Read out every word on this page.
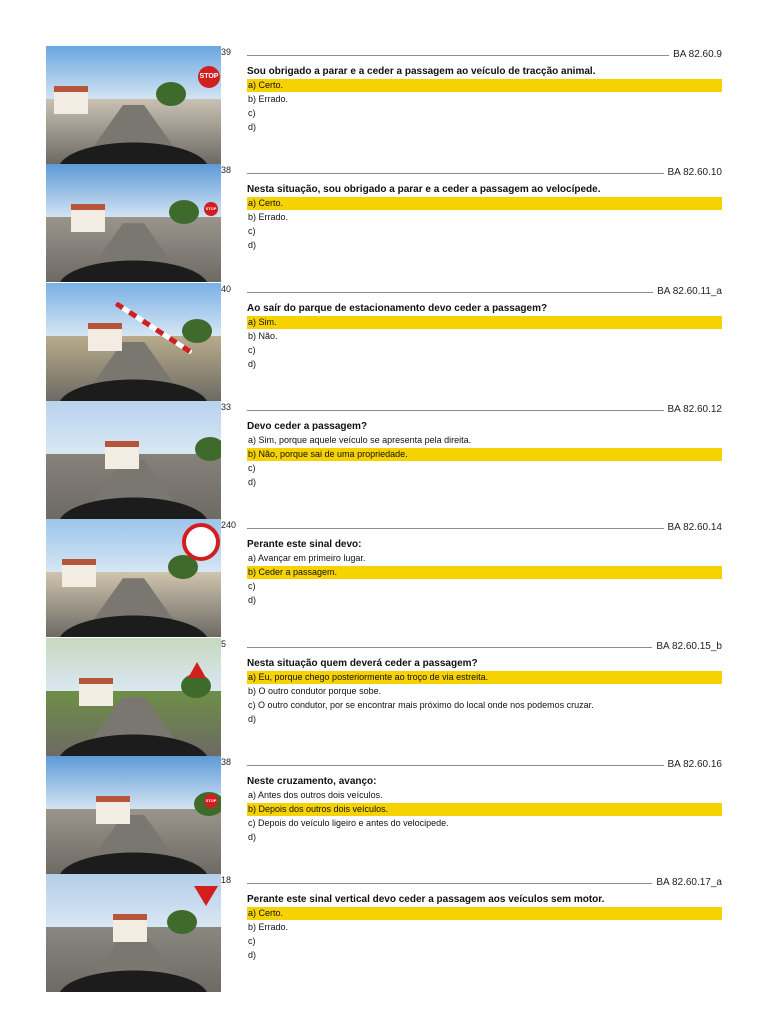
STOP
39	BA 82.60.9
Sou obrigado a parar e a ceder a passagem ao veículo de tracção animal.
a) Certo.
b) Errado.
c)
d)
STOP
38	BA 82.60.10
Nesta situação, sou obrigado a parar e a ceder a passagem ao velocípede.
a) Certo.
b) Errado.
c)
d)
40	BA 82.60.11_a
Ao saír do parque de estacionamento devo ceder a passagem?
a) Sim.
b) Não.
c)
d)
33	BA 82.60.12
Devo ceder a passagem?
a) Sim, porque aquele veículo se apresenta pela direita.
b) Não, porque sai de uma propriedade.
c)
d)
240	BA 82.60.14
Perante este sinal devo:
a) Avançar em primeiro lugar.
b) Ceder a passagem.
c)
d)
5	BA 82.60.15_b
Nesta situação quem deverá ceder a passagem?
a) Eu, porque chego posteriormente ao troço de via estreita.
b) O outro condutor porque sobe.
c) O outro condutor, por se encontrar mais próximo do local onde nos podemos cruzar.
d)
STOP
38	BA 82.60.16
Neste cruzamento, avanço:
a) Antes dos outros dois veículos.
b) Depois dos outros dois veículos.
c) Depois do veículo ligeiro e antes do velocipede.
d)
18	BA 82.60.17_a
Perante este sinal vertical devo ceder a passagem aos veículos sem motor.
a) Certo.
b) Errado.
c)
d)
